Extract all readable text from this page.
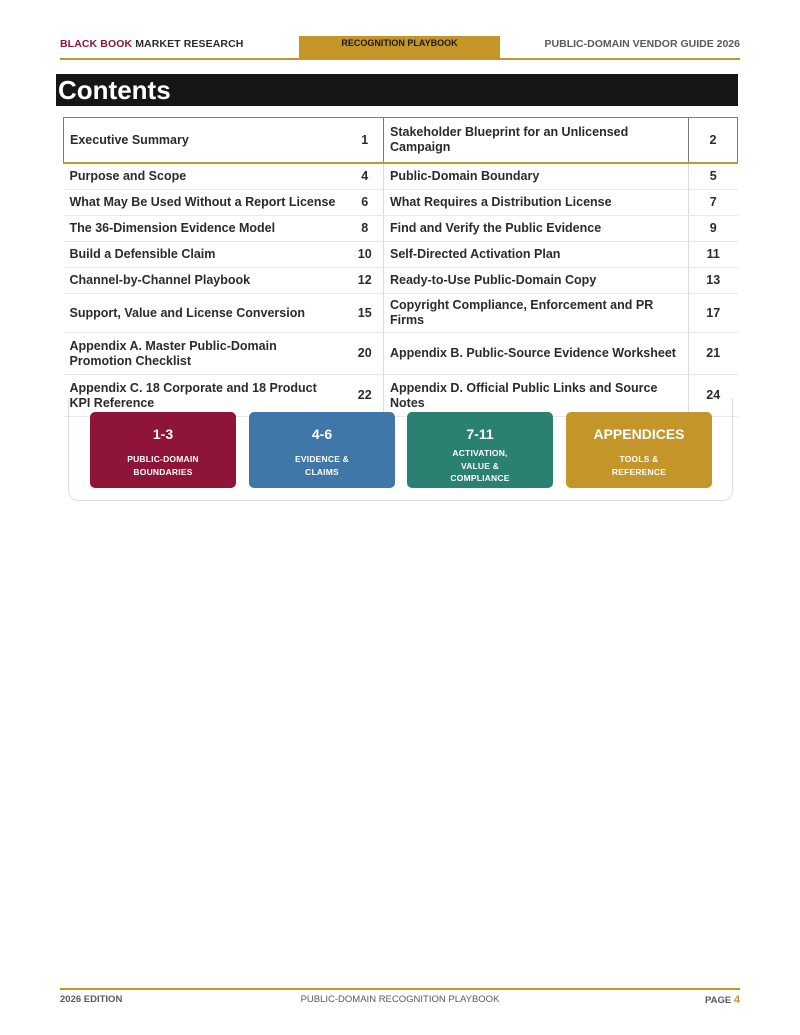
BLACK BOOK MARKET RESEARCH	RECOGNITION PLAYBOOK	PUBLIC-DOMAIN VENDOR GUIDE 2026
Contents
Executive Summary	1	Stakeholder Blueprint for an Unlicensed Campaign	2
Purpose and Scope	4	Public-Domain Boundary	5
What May Be Used Without a Report License	6	What Requires a Distribution License	7
The 36-Dimension Evidence Model	8	Find and Verify the Public Evidence	9
Build a Defensible Claim	10	Self-Directed Activation Plan	11
Channel-by-Channel Playbook	12	Ready-to-Use Public-Domain Copy	13
Support, Value and License Conversion	15	Copyright Compliance, Enforcement and PR Firms	17
Appendix A. Master Public-Domain Promotion Checklist	20	Appendix B. Public-Source Evidence Worksheet	21
Appendix C. 18 Corporate and 18 Product KPI Reference	22	Appendix D. Official Public Links and Source Notes	24
1-3
PUBLIC-DOMAIN
BOUNDARIES
4-6
EVIDENCE &
CLAIMS
7-11
ACTIVATION,
VALUE &
COMPLIANCE
APPENDICES
TOOLS &
REFERENCE
2026 EDITION	PUBLIC-DOMAIN RECOGNITION PLAYBOOK	PAGE 4
